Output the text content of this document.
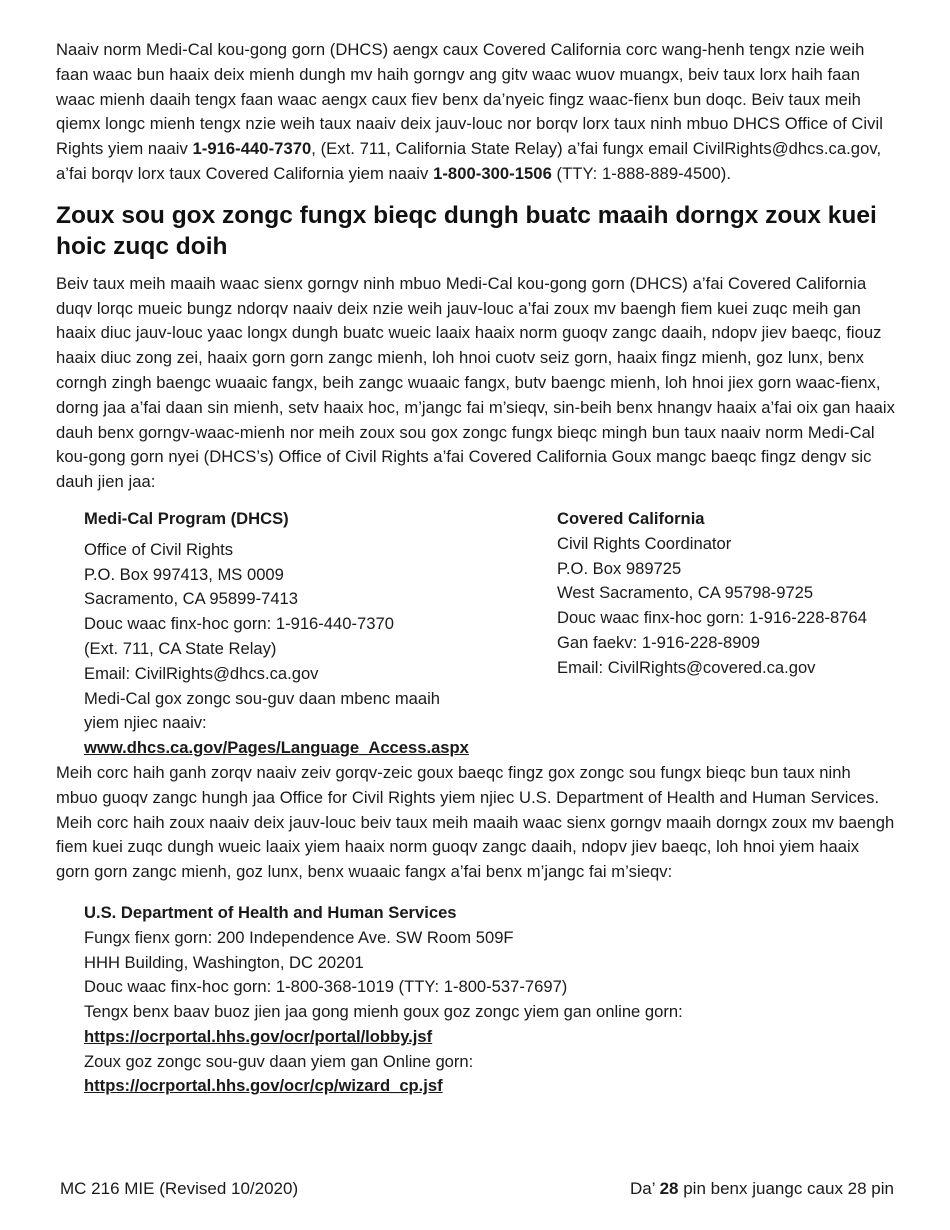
Naaiv norm Medi-Cal kou-gong gorn (DHCS) aengx caux Covered California corc wang-henh tengx nzie weih faan waac bun haaix deix mienh dungh mv haih gorngv ang gitv waac wuov muangx, beiv taux lorx haih faan waac mienh daaih tengx faan waac aengx caux fiev benx da’nyeic fingz waac-fienx bun doqc. Beiv taux meih qiemx longc mienh tengx nzie weih taux naaiv deix jauv-louc nor borqv lorx taux ninh mbuo DHCS Office of Civil Rights yiem naaiv 1-916-440-7370, (Ext. 711, California State Relay) a’fai fungx email CivilRights@dhcs.ca.gov, a’fai borqv lorx taux Covered California yiem naaiv 1-800-300-1506 (TTY: 1-888-889-4500).

Zoux sou gox zongc fungx bieqc dungh buatc maaih dorngx zoux kuei hoic zuqc doih

Beiv taux meih maaih waac sienx gorngv ninh mbuo Medi-Cal kou-gong gorn (DHCS) a’fai Covered California duqv lorqc mueic bungz ndorqv naaiv deix nzie weih jauv-louc a’fai zoux mv baengh fiem kuei zuqc meih gan haaix diuc jauv-louc yaac longx dungh buatc wueic laaix haaix norm guoqv zangc daaih, ndopv jiev baeqc, fiouz haaix diuc zong zei, haaix gorn gorn zangc mienh, loh hnoi cuotv seiz gorn, haaix fingz mienh, goz lunx, benx corngh zingh baengc wuaaic fangx, beih zangc wuaaic fangx, butv baengc mienh, loh hnoi jiex gorn waac-fienx, dorng jaa a’fai daan sin mienh, setv haaix hoc, m’jangc fai m’sieqv, sin-beih benx hnangv haaix a’fai oix gan haaix dauh benx gorngv-waac-mienh nor meih zoux sou gox zongc fungx bieqc mingh bun taux naaiv norm Medi-Cal kou-gong gorn nyei (DHCS’s) Office of Civil Rights a’fai Covered California Goux mangc baeqc fingz dengv sic dauh jien jaa:

Medi-Cal Program (DHCS)
Office of Civil Rights
P.O. Box 997413, MS 0009
Sacramento, CA 95899-7413
Douc waac finx-hoc gorn: 1-916-440-7370
(Ext. 711, CA State Relay)
Email: CivilRights@dhcs.ca.gov
Medi-Cal gox zongc sou-guv daan mbenc maaih
yiem njiec naaiv:
www.dhcs.ca.gov/Pages/Language_Access.aspx
Covered California
Civil Rights Coordinator
P.O. Box 989725
West Sacramento, CA 95798-9725
Douc waac finx-hoc gorn: 1-916-228-8764
Gan faekv: 1-916-228-8909
Email: CivilRights@covered.ca.gov

Meih corc haih ganh zorqv naaiv zeiv gorqv-zeic goux baeqc fingz gox zongc sou fungx bieqc bun taux ninh mbuo guoqv zangc hungh jaa Office for Civil Rights yiem njiec U.S. Department of Health and Human Services. Meih corc haih zoux naaiv deix jauv-louc beiv taux meih maaih waac sienx gorngv maaih dorngx zoux mv baengh fiem kuei zuqc dungh wueic laaix yiem haaix norm guoqv zangc daaih, ndopv jiev baeqc, loh hnoi yiem haaix gorn gorn zangc mienh, goz lunx, benx wuaaic fangx a’fai benx m’jangc fai m’sieqv:

U.S. Department of Health and Human Services
Fungx fienx gorn: 200 Independence Ave. SW Room 509F
HHH Building, Washington, DC 20201
Douc waac finx-hoc gorn: 1-800-368-1019 (TTY: 1-800-537-7697)
Tengx benx baav buoz jien jaa gong mienh goux goz zongc yiem gan online gorn:
https://ocrportal.hhs.gov/ocr/portal/lobby.jsf
Zoux goz zongc sou-guv daan yiem gan Online gorn:
https://ocrportal.hhs.gov/ocr/cp/wizard_cp.jsf
MC 216 MIE (Revised 10/2020)	Da’ 28 pin benx juangc caux 28 pin
